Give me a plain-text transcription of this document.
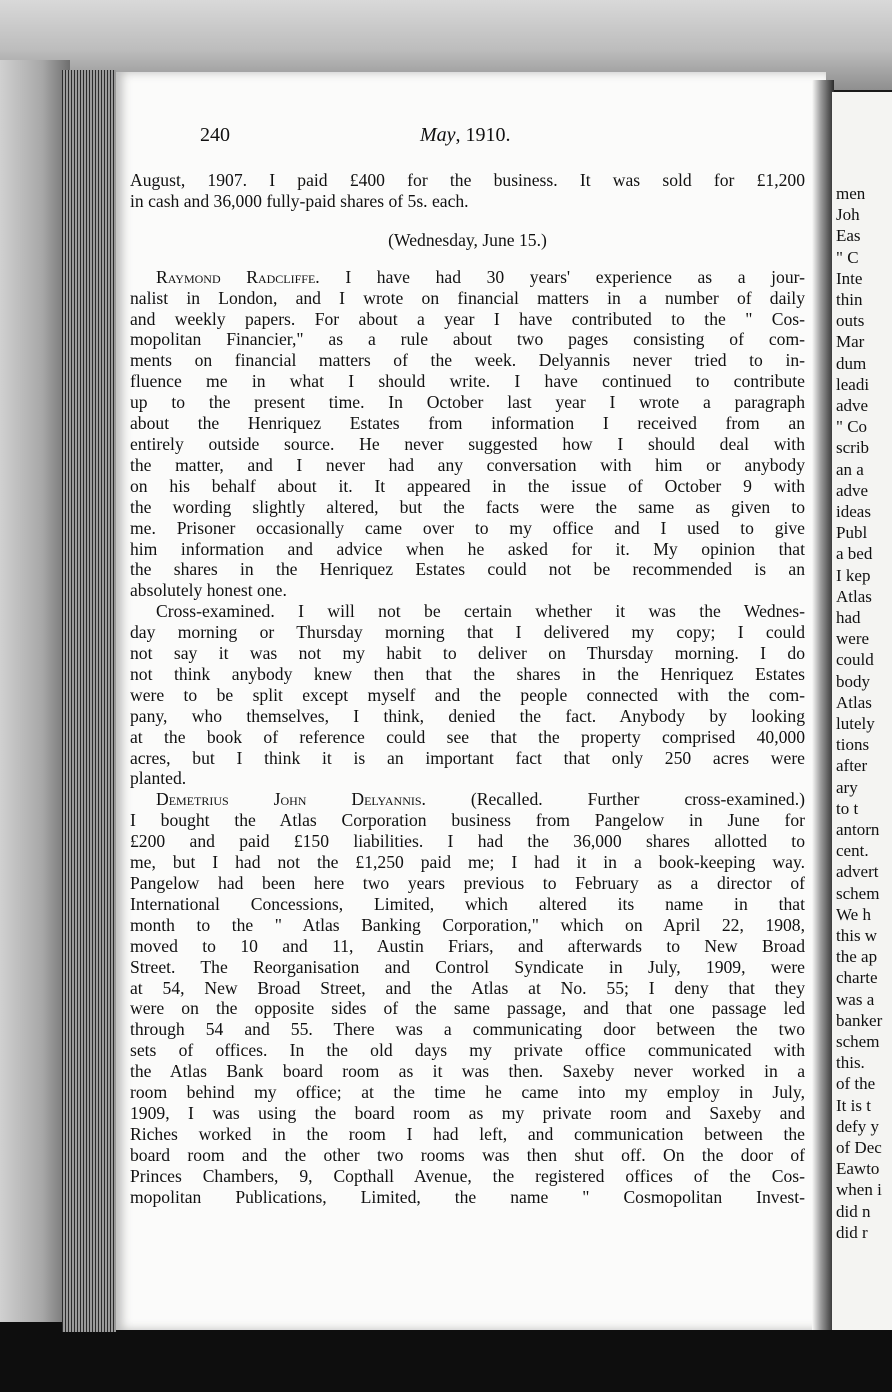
men
Joh
Eas
" C
Inte
thin
outs
Mar
dum
leadi
adve
" Co
scrib
an a
adve
ideas
Publ
a bed
I kep
Atlas
had
were
could
body
Atlas
lutely
tions
after
ary
to t
antorn
cent.
advert
schem
We h
this w
the ap
charte
was a
banker
schem
this.
of the
It is t
defy y
of Dec
Eawto
when i
did n
did r
240	May, 1910.
August, 1907. I paid £400 for the business. It was sold for £1,200
in cash and 36,000 fully-paid shares of 5s. each.
(Wednesday, June 15.)
Raymond Radcliffe. I have had 30 years' experience as a jour-
nalist in London, and I wrote on financial matters in a number of daily
and weekly papers. For about a year I have contributed to the " Cos-
mopolitan Financier," as a rule about two pages consisting of com-
ments on financial matters of the week. Delyannis never tried to in-
fluence me in what I should write. I have continued to contribute
up to the present time. In October last year I wrote a paragraph
about the Henriquez Estates from information I received from an
entirely outside source. He never suggested how I should deal with
the matter, and I never had any conversation with him or anybody
on his behalf about it. It appeared in the issue of October 9 with
the wording slightly altered, but the facts were the same as given to
me. Prisoner occasionally came over to my office and I used to give
him information and advice when he asked for it. My opinion that
the shares in the Henriquez Estates could not be recommended is an
absolutely honest one.
Cross-examined. I will not be certain whether it was the Wednes-
day morning or Thursday morning that I delivered my copy; I could
not say it was not my habit to deliver on Thursday morning. I do
not think anybody knew then that the shares in the Henriquez Estates
were to be split except myself and the people connected with the com-
pany, who themselves, I think, denied the fact. Anybody by looking
at the book of reference could see that the property comprised 40,000
acres, but I think it is an important fact that only 250 acres were
planted.
Demetrius John Delyannis. (Recalled. Further cross-examined.)
I bought the Atlas Corporation business from Pangelow in June for
£200 and paid £150 liabilities. I had the 36,000 shares allotted to
me, but I had not the £1,250 paid me; I had it in a book-keeping way.
Pangelow had been here two years previous to February as a director of
International Concessions, Limited, which altered its name in that
month to the " Atlas Banking Corporation," which on April 22, 1908,
moved to 10 and 11, Austin Friars, and afterwards to New Broad
Street. The Reorganisation and Control Syndicate in July, 1909, were
at 54, New Broad Street, and the Atlas at No. 55; I deny that they
were on the opposite sides of the same passage, and that one passage led
through 54 and 55. There was a communicating door between the two
sets of offices. In the old days my private office communicated with
the Atlas Bank board room as it was then. Saxeby never worked in a
room behind my office; at the time he came into my employ in July,
1909, I was using the board room as my private room and Saxeby and
Riches worked in the room I had left, and communication between the
board room and the other two rooms was then shut off. On the door of
Princes Chambers, 9, Copthall Avenue, the registered offices of the Cos-
mopolitan Publications, Limited, the name " Cosmopolitan Invest-
